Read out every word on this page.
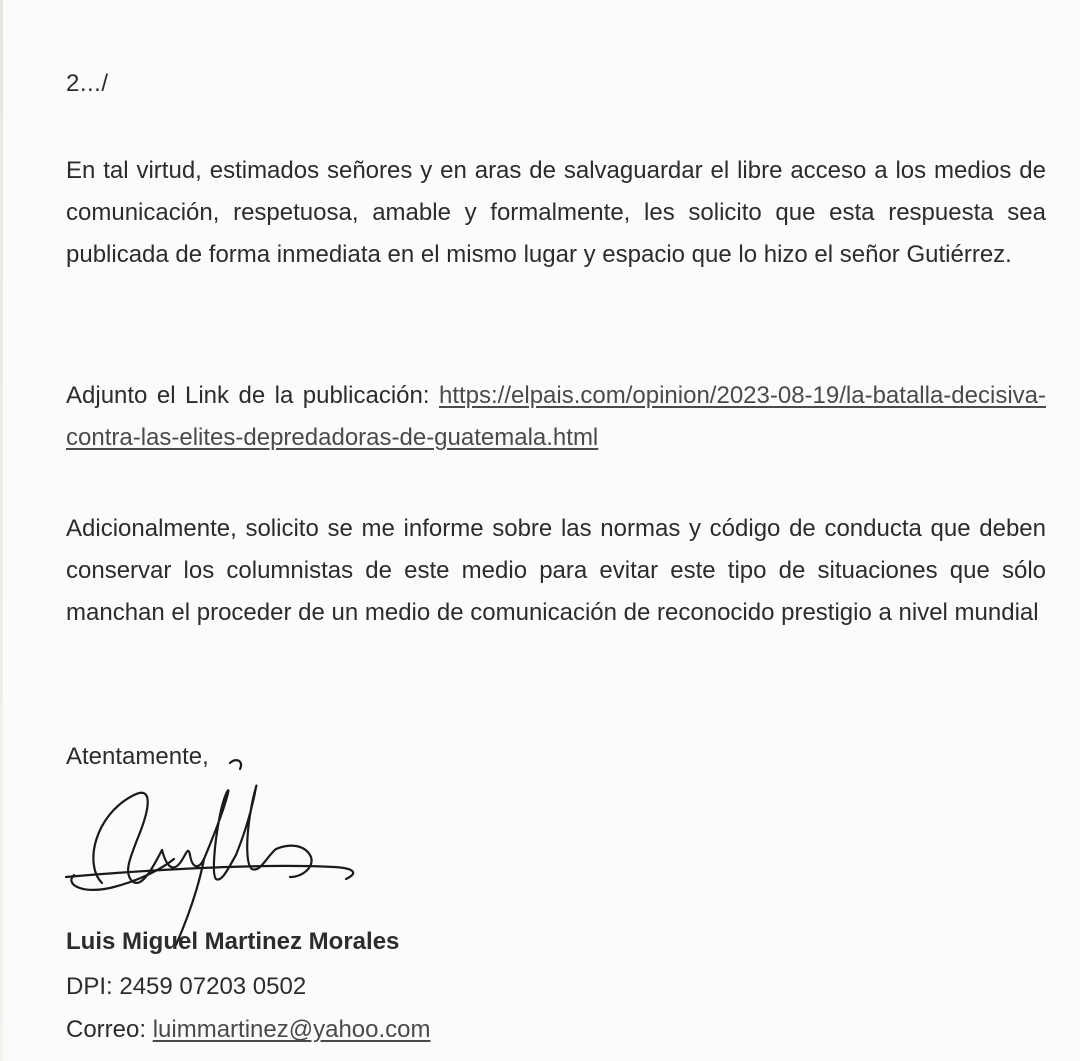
2.../

En tal virtud, estimados señores y en aras de salvaguardar el libre acceso a los medios de comunicación, respetuosa, amable y formalmente, les solicito que esta respuesta sea publicada de forma inmediata en el mismo lugar y espacio que lo hizo el señor Gutiérrez.

Adjunto el Link de la publicación: https://elpais.com/opinion/2023-08-19/la-batalla-decisiva-contra-las-elites-depredadoras-de-guatemala.html

Adicionalmente, solicito se me informe sobre las normas y código de conducta que deben conservar los columnistas de este medio para evitar este tipo de situaciones que sólo manchan el proceder de un medio de comunicación de reconocido prestigio a nivel mundial

Atentamente,
Luis Miguel Martinez Morales
DPI: 2459 07203 0502
Correo: luimmartinez@yahoo.com
